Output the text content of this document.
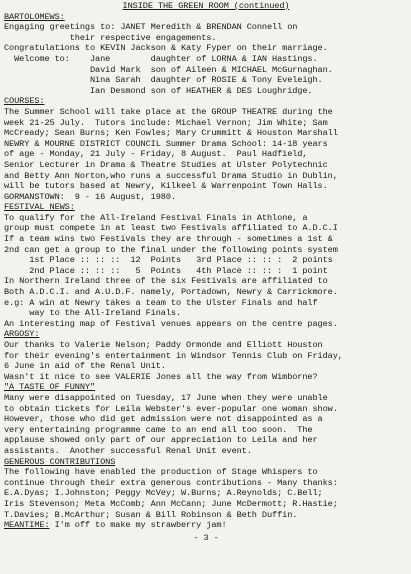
INSIDE THE GREEN ROOM (continued)
BARTOLOMEWS:
Engaging greetings to: JANET Meredith & BRENDAN Connell on
their respective engagements.
Congratulations to KEVIN Jackson & Katy Fyper on their marriage.
Welcome to:    Jane        daughter of LORNA & IAN Hastings.
David Mark  son of Aileen & MICHAEL McGurnaghan.
Nina Sarah  daughter of ROSIE & Tony Eveleigh.
Ian Desmond son of HEATHER & DES Loughridge.
COURSES:
The Summer School will take place at the GROUP THEATRE during the
week 21-25 July.  Tutors include: Michael Vernon; Jim White; Sam
McCready; Sean Burns; Ken Fowles; Mary Crummitt & Houston Marshall
NEWRY & MOURNE DISTRICT COUNCIL Summer Drama School: 14-18 years
of age - Monday, 21 July - Friday, 8 August.  Paul Hadfield,
Senior Lecturer in Drama & Theatre Studies at Ulster Polytechnic
and Betty Ann Norton,who runs a successful Drama Studio in Dublin,
will be tutors based at Newry, Kilkeel & Warrenpoint Town Halls.
GORMANSTOWN:  9 - 16 August, 1980.
FESTIVAL NEWS:
To qualify for the All-Ireland Festival Finals in Athlone, a
group must compete in at least two Festivals affiliated to A.D.C.I
If a team wins two Festivals they are through - sometimes a 1st &
2nd can get a group to the final under the following points system
1st Place :: :: ::  12  Points   3rd Place :: :: :  2 points
2nd Place :: :: ::   5  Points   4th Place :: :: :  1 point
In Northern Ireland three of the six Festivals are affiliated to
Both A.D.C.I. and A.U.D.F. namely, Portadown, Newry & Carrickmore.
e.g: A win at Newry takes a team to the Ulster Finals and half
way to the All-Ireland Finals.
An interesting map of Festival venues appears on the centre pages.
ARGOSY:
Our thanks to Valerie Nelson; Paddy Ormonde and Elliott Houston
for their evening's entertainment in Windsor Tennis Club on Friday,
6 June in aid of the Renal Unit.
Wasn't it nice to see VALERIE Jones all the way from Wimborne?
"A TASTE OF FUNNY"
Many were disappointed on Tuesday, 17 June when they were unable
to obtain tickets for Leila Webster's ever-popular one woman show.
However, those who did get admission were not disappointed as a
very entertaining programme came to an end all too soon.  The
applause showed only part of our appreciation to Leila and her
assistants.  Another successful Renal Unit event.
GENEROUS CONTRIBUTIONS
The following have enabled the production of Stage Whispers to
continue through their extra generous contributions - Many thanks:
E.A.Dyas; I.Johnston; Peggy McVey; W.Burns; A.Reynolds; C.Bell;
Iris Stevenson; Meta McComb; Ann McCann; June McDermott; R.Hastie;
T.Davies; B.McArthur; Susan & Bill Robinson & Beth Duffin.
MEANTIME: I'm off to make my strawberry jam!
- 3 -
